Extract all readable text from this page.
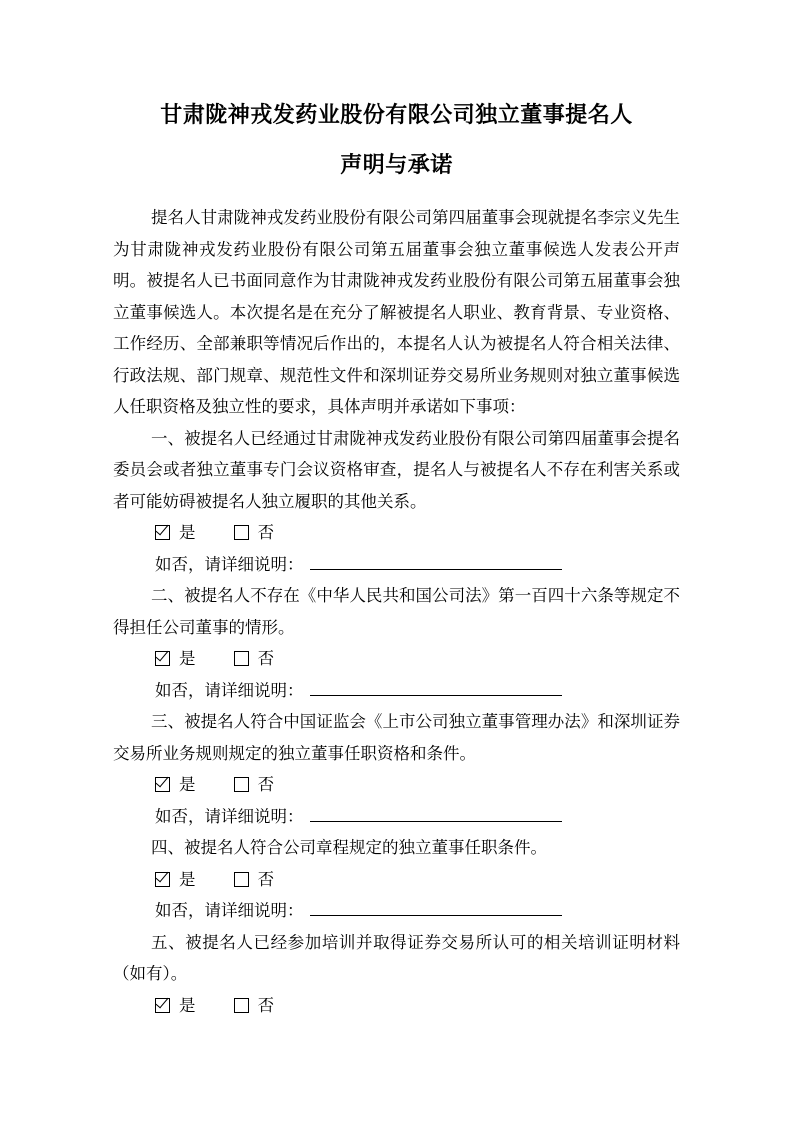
甘肃陇神戎发药业股份有限公司独立董事提名人
声明与承诺

提名人甘肃陇神戎发药业股份有限公司第四届董事会现就提名李宗义先生为甘肃陇神戎发药业股份有限公司第五届董事会独立董事候选人发表公开声明。被提名人已书面同意作为甘肃陇神戎发药业股份有限公司第五届董事会独立董事候选人。本次提名是在充分了解被提名人职业、教育背景、专业资格、工作经历、全部兼职等情况后作出的，本提名人认为被提名人符合相关法律、行政法规、部门规章、规范性文件和深圳证券交易所业务规则对独立董事候选人任职资格及独立性的要求，具体声明并承诺如下事项：

一、被提名人已经通过甘肃陇神戎发药业股份有限公司第四届董事会提名委员会或者独立董事专门会议资格审查，提名人与被提名人不存在利害关系或者可能妨碍被提名人独立履职的其他关系。

是
	否
如否，请详细说明：

二、被提名人不存在《中华人民共和国公司法》第一百四十六条等规定不得担任公司董事的情形。

是
	否
如否，请详细说明：

三、被提名人符合中国证监会《上市公司独立董事管理办法》和深圳证券交易所业务规则规定的独立董事任职资格和条件。

是
	否
如否，请详细说明：

四、被提名人符合公司章程规定的独立董事任职条件。

是
	否
如否，请详细说明：

五、被提名人已经参加培训并取得证券交易所认可的相关培训证明材料（如有）。

是
	否
